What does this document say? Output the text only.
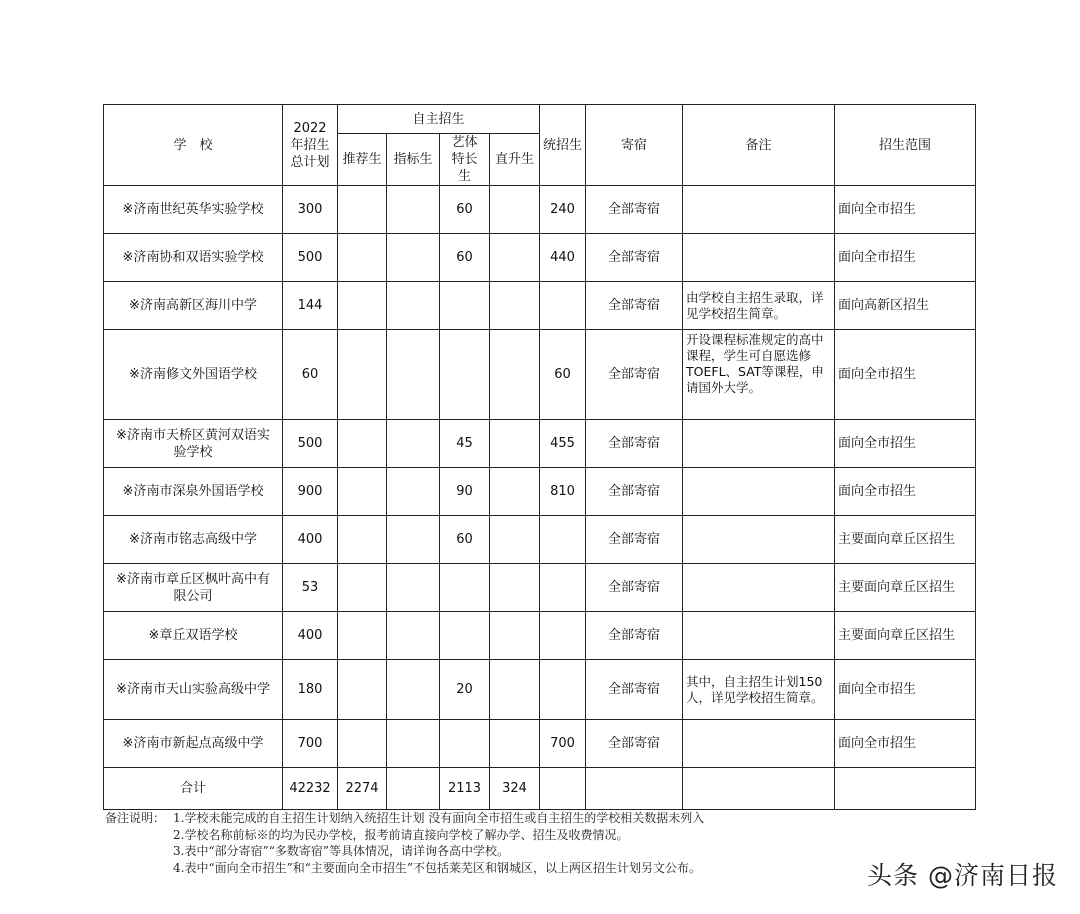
学　校	2022年招生总计划	自主招生				统招生	寄宿	备注	招生范围
		推荐生	指标生	艺体特长生	直升生				
※济南世纪英华实验学校	300			60		240	全部寄宿		面向全市招生
※济南协和双语实验学校	500			60		440	全部寄宿		面向全市招生
※济南高新区海川中学	144						全部寄宿	由学校自主招生录取，详见学校招生简章。	面向高新区招生
※济南修文外国语学校	60					60	全部寄宿	开设课程标准规定的高中课程，学生可自愿选修TOEFL、SAT等课程，申请国外大学。	面向全市招生
※济南市天桥区黄河双语实验学校	500			45		455	全部寄宿		面向全市招生
※济南市深泉外国语学校	900			90		810	全部寄宿		面向全市招生
※济南市铭志高级中学	400			60			全部寄宿		主要面向章丘区招生
※济南市章丘区枫叶高中有限公司	53						全部寄宿		主要面向章丘区招生
※章丘双语学校	400						全部寄宿		主要面向章丘区招生
※济南市天山实验高级中学	180			20			全部寄宿	其中，自主招生计划150人，详见学校招生简章。	面向全市招生
※济南市新起点高级中学	700					700	全部寄宿		面向全市招生
合计	42232	2274		2113	324				
备注说明： 1.学校未能完成的自主招生计划纳入统招生计划 没有面向全市招生或自主招生的学校相关数据未列入
2.学校名称前标※的均为民办学校，报考前请直接向学校了解办学、招生及收费情况。
3.表中“部分寄宿”“多数寄宿”等具体情况，请详询各高中学校。
4.表中“面向全市招生”和“主要面向全市招生”不包括莱芜区和钢城区，以上两区招生计划另文公布。	头条 @济南日报
